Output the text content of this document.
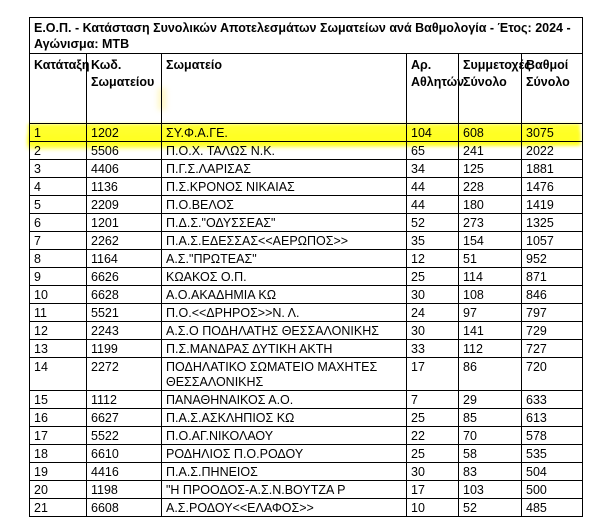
Ε.Ο.Π. - Κατάσταση Συνολικών Αποτελεσμάτων Σωματείων ανά Βαθμολογία - Έτος: 2024 - Αγώνισμα: MTB					
Κατάταξη	Κωδ. Σωματείου	Σωματείο	Αρ. Αθλητών	Συμμετοχές Σύνολο	Βαθμοί Σύνολο
1	1202	ΣΥ.Φ.Α.ΓΕ.	104	608	3075
2	5506	Π.Ο.Χ. ΤΑΛΩΣ Ν.Κ.	65	241	2022
3	4406	Π.Γ.Σ.ΛΑΡΙΣΑΣ	34	125	1881
4	1136	Π.Σ.ΚΡΟΝΟΣ ΝΙΚΑΙΑΣ	44	228	1476
5	2209	Π.Ο.ΒΕΛΟΣ	44	180	1419
6	1201	Π.Δ.Σ."ΟΔΥΣΣΕΑΣ"	52	273	1325
7	2262	Π.Α.Σ.ΕΔΕΣΣΑΣ<<ΑΕΡΩΠΟΣ>>	35	154	1057
8	1164	Α.Σ."ΠΡΩΤΕΑΣ"	12	51	952
9	6626	ΚΩΑΚΟΣ Ο.Π.	25	114	871
10	6628	Α.Ο.ΑΚΑΔΗΜΙΑ ΚΩ	30	108	846
11	5521	Π.Ο.<<ΔΡΗΡΟΣ>>Ν. Λ.	24	97	797
12	2243	Α.Σ.Ο ΠΟΔΗΛΑΤΗΣ ΘΕΣΣΑΛΟΝΙΚΗΣ	30	141	729
13	1199	Π.Σ.ΜΑΝΔΡΑΣ ΔΥΤΙΚΗ ΑΚΤΗ	33	112	727
14	2272	ΠΟΔΗΛΑΤΙΚΟ ΣΩΜΑΤΕΙΟ ΜΑΧΗΤΕΣ ΘΕΣΣΑΛΟΝΙΚΗΣ	17	86	720
15	1112	ΠΑΝΑΘΗΝΑΙΚΟΣ Α.Ο.	7	29	633
16	6627	Π.Α.Σ.ΑΣΚΛΗΠΙΟΣ ΚΩ	25	85	613
17	5522	Π.Ο.ΑΓ.ΝΙΚΟΛΑΟΥ	22	70	578
18	6610	ΡΟΔΗΛΙΟΣ Π.Ο.ΡΟΔΟΥ	25	58	535
19	4416	Π.Α.Σ.ΠΗΝΕΙΟΣ	30	83	504
20	1198	"Η ΠΡΟΟΔΟΣ-Α.Σ.Ν.ΒΟΥΤΖΑ Ρ	17	103	500
21	6608	Α.Σ.ΡΟΔΟΥ<<ΕΛΑΦΟΣ>>	10	52	485
